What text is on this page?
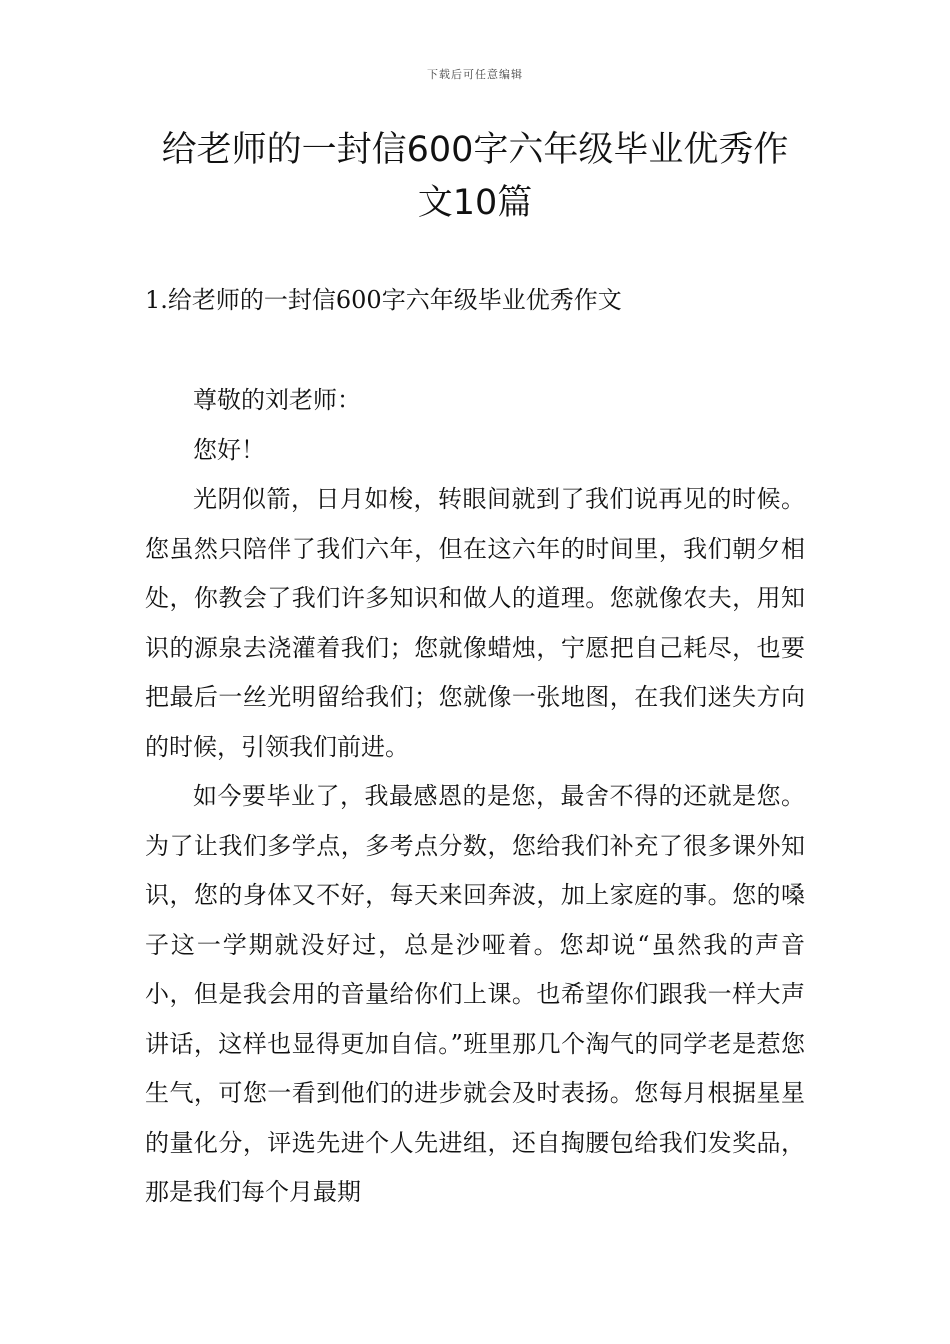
下载后可任意编辑
给老师的一封信600字六年级毕业优秀作
文10篇
1.给老师的一封信600字六年级毕业优秀作文

尊敬的刘老师：

您好！

光阴似箭，日月如梭，转眼间就到了我们说再见的时候。您虽然只陪伴了我们六年，但在这六年的时间里，我们朝夕相处，你教会了我们许多知识和做人的道理。您就像农夫，用知识的源泉去浇灌着我们；您就像蜡烛，宁愿把自己耗尽，也要把最后一丝光明留给我们；您就像一张地图，在我们迷失方向的时候，引领我们前进。

如今要毕业了，我最感恩的是您，最舍不得的还就是您。为了让我们多学点，多考点分数，您给我们补充了很多课外知识，您的身体又不好，每天来回奔波，加上家庭的事。您的嗓子这一学期就没好过，总是沙哑着。您却说“虽然我的声音小，但是我会用的音量给你们上课。也希望你们跟我一样大声讲话，这样也显得更加自信。”班里那几个淘气的同学老是惹您生气，可您一看到他们的进步就会及时表扬。您每月根据星星的量化分，评选先进个人先进组，还自掏腰包给我们发奖品，那是我们每个月最期
